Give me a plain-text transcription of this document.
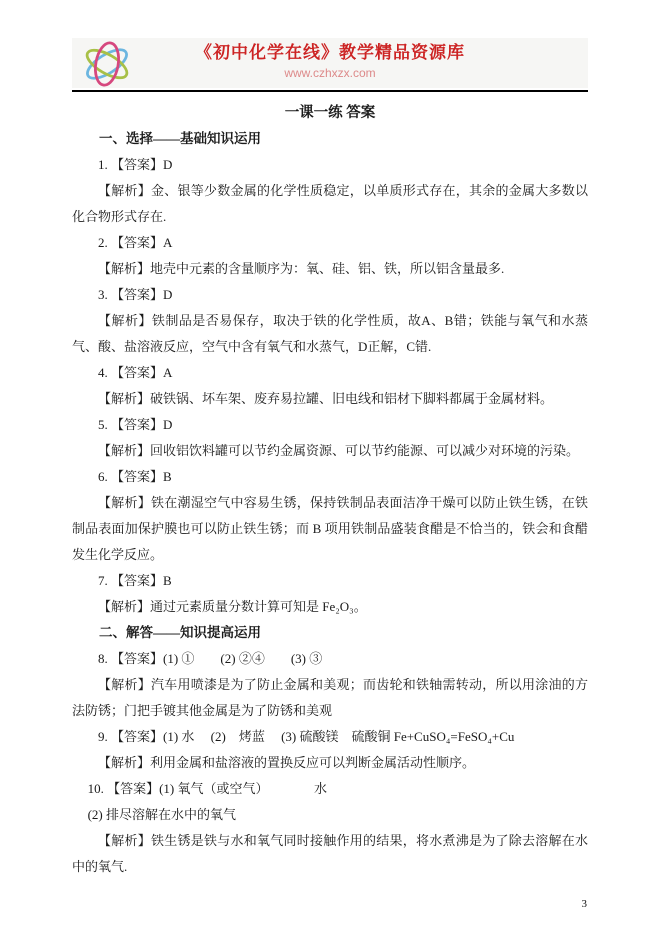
《初中化学在线》教学精品资源库
www.czhxzx.com
一课一练 答案

一、选择——基础知识运用

1. 【答案】D

【解析】金、银等少数金属的化学性质稳定，以单质形式存在，其余的金属大多数以化合物形式存在.

2. 【答案】A

【解析】地壳中元素的含量顺序为：氧、硅、铝、铁，所以铝含量最多.

3. 【答案】D

【解析】铁制品是否易保存，取决于铁的化学性质，故A、B错；铁能与氧气和水蒸气、酸、盐溶液反应，空气中含有氧气和水蒸气，D正解，C错.

4. 【答案】A

【解析】破铁锅、坏车架、废弃易拉罐、旧电线和铝材下脚料都属于金属材料。

5. 【答案】D

【解析】回收铝饮料罐可以节约金属资源、可以节约能源、可以减少对环境的污染。

6. 【答案】B

【解析】铁在潮湿空气中容易生锈，保持铁制品表面洁净干燥可以防止铁生锈，在铁制品表面加保护膜也可以防止铁生锈；而 B 项用铁制品盛装食醋是不恰当的，铁会和食醋发生化学反应。

7. 【答案】B

【解析】通过元素质量分数计算可知是 Fe₂O₃。

二、解答——知识提高运用

8. 【答案】(1) ①　　(2) ②④　　(3) ③

【解析】汽车用喷漆是为了防止金属和美观；而齿轮和铁轴需转动，所以用涂油的方法防锈；门把手镀其他金属是为了防锈和美观

9. 【答案】(1) 水　 (2)　烤蓝　 (3) 硫酸镁　硫酸铜 Fe+CuSO₄=FeSO₄+Cu

【解析】利用金属和盐溶液的置换反应可以判断金属活动性顺序。

10. 【答案】(1) 氧气（或空气）　　　　水

(2) 排尽溶解在水中的氧气

【解析】铁生锈是铁与水和氧气同时接触作用的结果，将水煮沸是为了除去溶解在水中的氧气.

3
